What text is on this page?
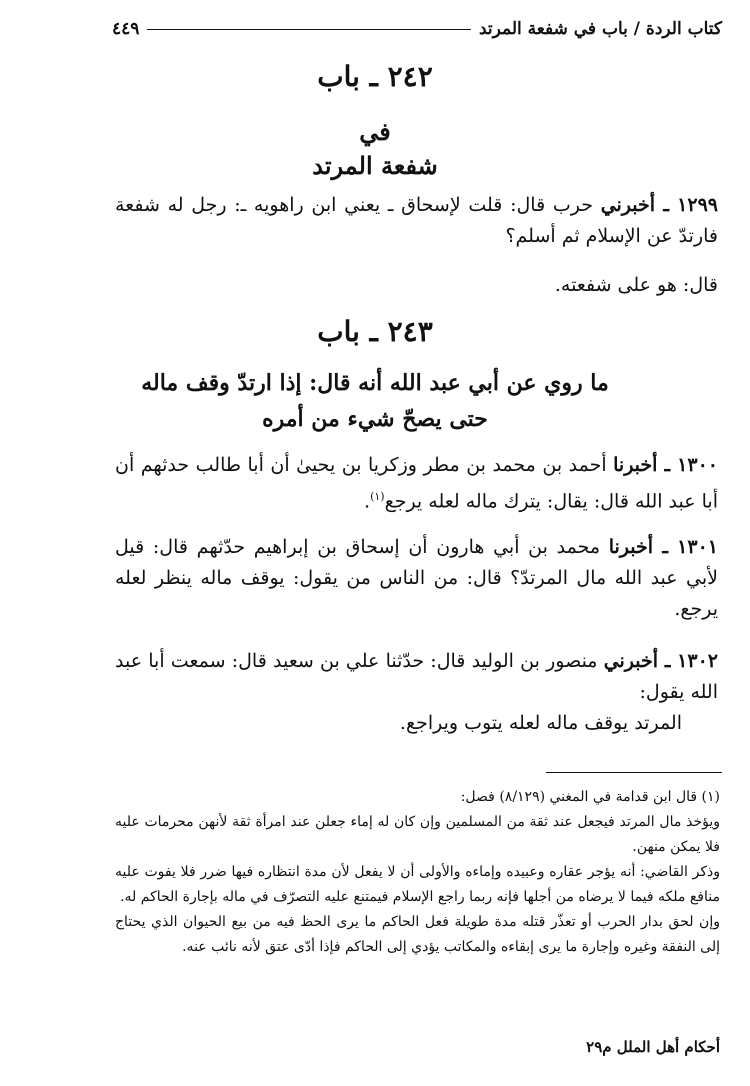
كتاب الردة / باب في شفعة المرتد
٤٤٩
٢٤٢ ـ باب
في
شفعة المرتد
١٢٩٩ ـ أخبرني حرب قال: قلت لإسحاق ـ يعني ابن راهويه ـ: رجل له شفعة فارتدّ عن الإسلام ثم أسلم؟
قال: هو على شفعته.
٢٤٣ ـ باب
ما روي عن أبي عبد الله أنه قال: إذا ارتدّ وقف ماله
حتى يصحّ شيء من أمره
١٣٠٠ ـ أخبرنا أحمد بن محمد بن مطر وزكريا بن يحيىٰ أن أبا طالب حدثهم أن أبا عبد الله قال: يقال: يترك ماله لعله يرجع$^{(١)}$.
١٣٠١ ـ أخبرنا محمد بن أبي هارون أن إسحاق بن إبراهيم حدّثهم قال: قيل لأبي عبد الله مال المرتدّ؟ قال: من الناس من يقول: يوقف ماله ينظر لعله يرجع.
١٣٠٢ ـ أخبرني منصور بن الوليد قال: حدّثنا علي بن سعيد قال: سمعت أبا عبد الله يقول:
المرتد يوقف ماله لعله يتوب ويراجع.
(١) قال ابن قدامة في المغني (٨/١٢٩) فصل:
ويؤخذ مال المرتد فيجعل عند ثقة من المسلمين وإن كان له إماء جعلن عند امرأة ثقة لأنهن محرمات عليه فلا يمكن منهن.
وذكر القاضي: أنه يؤجر عقاره وعبيده وإماءه والأولى أن لا يفعل لأن مدة انتظاره فيها ضرر فلا يفوت عليه منافع ملكه فيما لا يرضاه من أجلها فإنه ربما راجع الإسلام فيمتنع عليه التصرّف في ماله بإجارة الحاكم له.
وإن لحق بدار الحرب أو تعذّر قتله مدة طويلة فعل الحاكم ما يرى الحظ فيه من بيع الحيوان الذي يحتاج إلى النفقة وغيره وإجارة ما يرى إبقاءه والمكاتب يؤدي إلى الحاكم فإذا أدّى عتق لأنه نائب عنه.
أحكام أهل الملل م٢٩
